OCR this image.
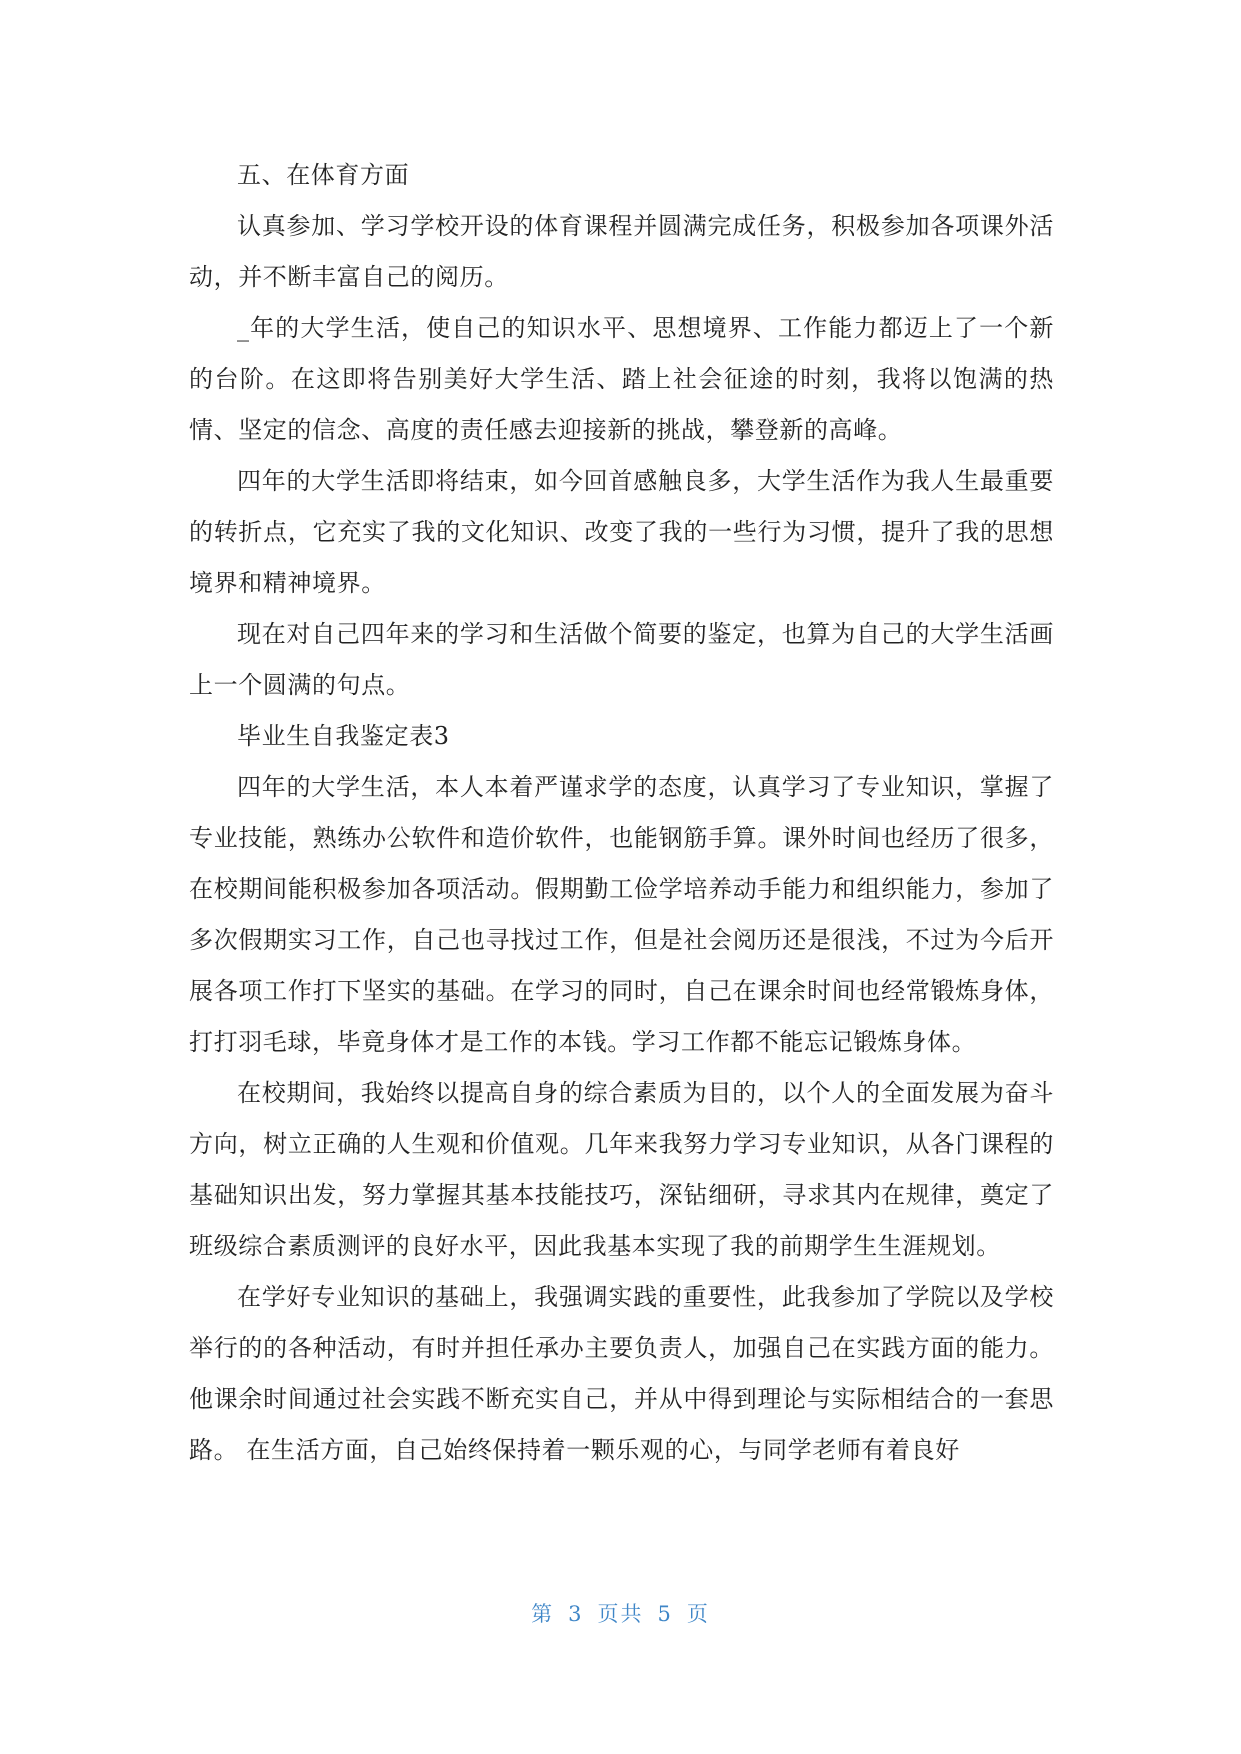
五、在体育方面

认真参加、学习学校开设的体育课程并圆满完成任务，积极参加各项课外活动，并不断丰富自己的阅历。

_年的大学生活，使自己的知识水平、思想境界、工作能力都迈上了一个新的台阶。在这即将告别美好大学生活、踏上社会征途的时刻，我将以饱满的热情、坚定的信念、高度的责任感去迎接新的挑战，攀登新的高峰。

四年的大学生活即将结束，如今回首感触良多，大学生活作为我人生最重要的转折点，它充实了我的文化知识、改变了我的一些行为习惯，提升了我的思想境界和精神境界。

现在对自己四年来的学习和生活做个简要的鉴定，也算为自己的大学生活画上一个圆满的句点。

毕业生自我鉴定表3

四年的大学生活，本人本着严谨求学的态度，认真学习了专业知识，掌握了专业技能，熟练办公软件和造价软件，也能钢筋手算。课外时间也经历了很多，在校期间能积极参加各项活动。假期勤工俭学培养动手能力和组织能力，参加了多次假期实习工作，自己也寻找过工作，但是社会阅历还是很浅，不过为今后开展各项工作打下坚实的基础。在学习的同时，自己在课余时间也经常锻炼身体，打打羽毛球，毕竟身体才是工作的本钱。学习工作都不能忘记锻炼身体。

在校期间，我始终以提高自身的综合素质为目的，以个人的全面发展为奋斗方向，树立正确的人生观和价值观。几年来我努力学习专业知识，从各门课程的基础知识出发，努力掌握其基本技能技巧，深钻细研，寻求其内在规律，奠定了班级综合素质测评的良好水平，因此我基本实现了我的前期学生生涯规划。

在学好专业知识的基础上，我强调实践的重要性，此我参加了学院以及学校举行的的各种活动，有时并担任承办主要负责人，加强自己在实践方面的能力。他课余时间通过社会实践不断充实自己，并从中得到理论与实际相结合的一套思路。 在生活方面，自己始终保持着一颗乐观的心，与同学老师有着良好

第 3 页共 5 页
